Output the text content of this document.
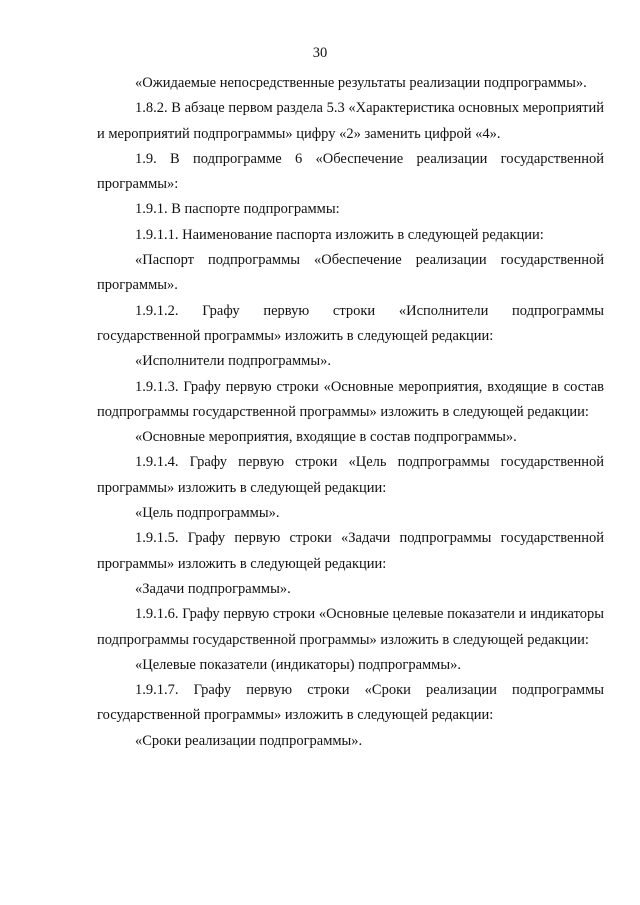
30

«Ожидаемые непосредственные результаты реализации подпрограммы».

1.8.2. В абзаце первом раздела 5.3 «Характеристика основных мероприятий и мероприятий подпрограммы» цифру «2» заменить цифрой «4».

1.9. В подпрограмме 6 «Обеспечение реализации государственной программы»:

1.9.1. В паспорте подпрограммы:

1.9.1.1. Наименование паспорта изложить в следующей редакции:

«Паспорт подпрограммы «Обеспечение реализации государственной программы».

1.9.1.2. Графу первую строки «Исполнители подпрограммы государственной программы» изложить в следующей редакции:

«Исполнители подпрограммы».

1.9.1.3. Графу первую строки «Основные мероприятия, входящие в состав подпрограммы государственной программы» изложить в следующей редакции:

«Основные мероприятия, входящие в состав подпрограммы».

1.9.1.4. Графу первую строки «Цель подпрограммы государственной программы» изложить в следующей редакции:

«Цель подпрограммы».

1.9.1.5. Графу первую строки «Задачи подпрограммы государственной программы» изложить в следующей редакции:

«Задачи подпрограммы».

1.9.1.6. Графу первую строки «Основные целевые показатели и индикаторы подпрограммы государственной программы» изложить в следующей редакции:

«Целевые показатели (индикаторы) подпрограммы».

1.9.1.7. Графу первую строки «Сроки реализации подпрограммы государственной программы» изложить в следующей редакции:

«Сроки реализации подпрограммы».
